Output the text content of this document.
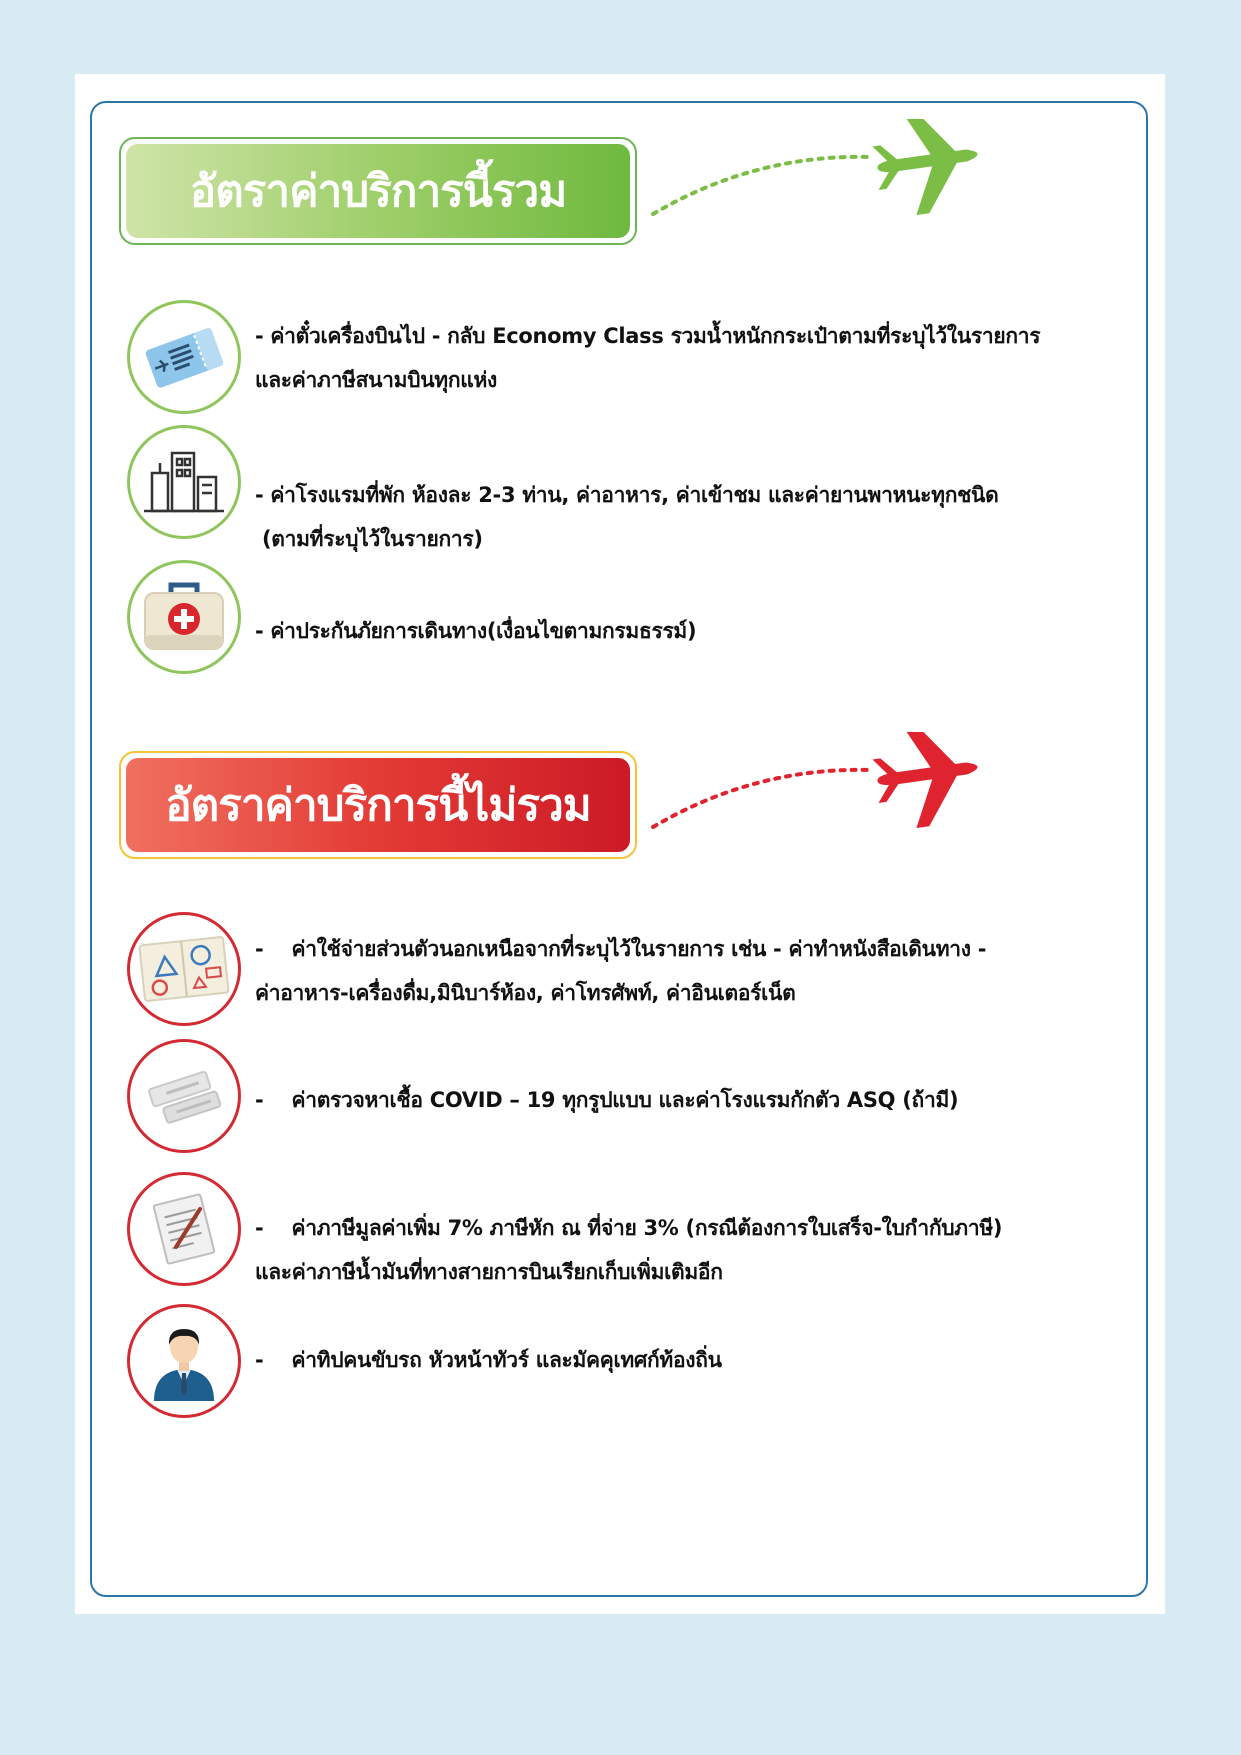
อัตราค่าบริการนี้รวม

- ค่าตั๋วเครื่องบินไป - กลับ Economy Class รวมน้ำหนักกระเป๋าตามที่ระบุไว้ในรายการ

และค่าภาษีสนามบินทุกแห่ง

- ค่าโรงแรมที่พัก ห้องละ 2-3 ท่าน, ค่าอาหาร, ค่าเข้าชม และค่ายานพาหนะทุกชนิด

(ตามที่ระบุไว้ในรายการ)

- ค่าประกันภัยการเดินทาง(เงื่อนไขตามกรมธรรม์)

อัตราค่าบริการนี้ไม่รวม

-    ค่าใช้จ่ายส่วนตัวนอกเหนือจากที่ระบุไว้ในรายการ เช่น - ค่าทำหนังสือเดินทาง -

ค่าอาหาร-เครื่องดื่ม,มินิบาร์ห้อง, ค่าโทรศัพท์, ค่าอินเตอร์เน็ต

-    ค่าตรวจหาเชื้อ COVID – 19 ทุกรูปแบบ และค่าโรงแรมกักตัว ASQ (ถ้ามี)

-    ค่าภาษีมูลค่าเพิ่ม 7% ภาษีหัก ณ ที่จ่าย 3% (กรณีต้องการใบเสร็จ-ใบกำกับภาษี)

และค่าภาษีน้ำมันที่ทางสายการบินเรียกเก็บเพิ่มเติมอีก

-    ค่าทิปคนขับรถ หัวหน้าทัวร์ และมัคคุเทศก์ท้องถิ่น
